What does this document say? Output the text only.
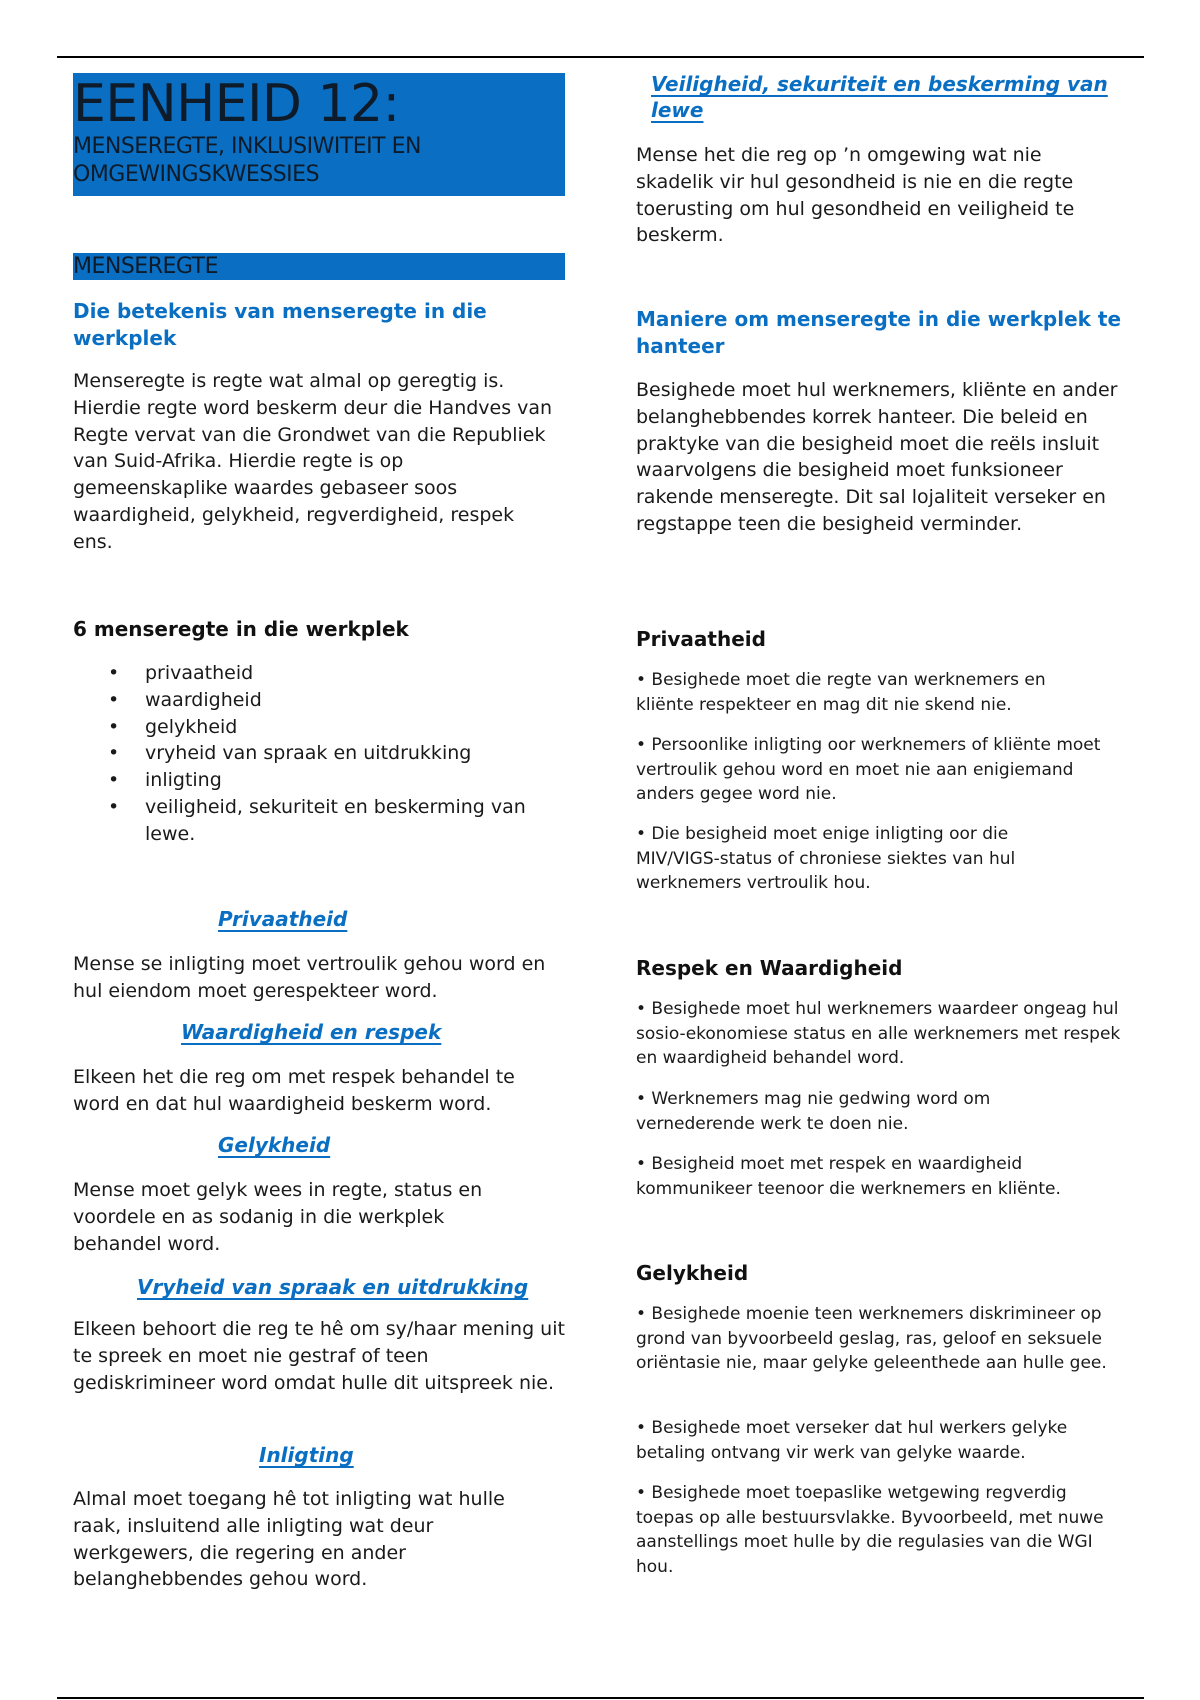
EENHEID 12:
MENSEREGTE, INKLUSIWITEIT EN OMGEWINGSKWESSIES
MENSEREGTE
Die betekenis van menseregte in die werkplek
Menseregte is regte wat almal op geregtig is. Hierdie regte word beskerm deur die Handves van Regte vervat van die Grondwet van die Republiek van Suid-Afrika. Hierdie regte is op gemeenskaplike waardes gebaseer soos waardigheid, gelykheid, regverdigheid, respek ens.
6 menseregte in die werkplek
• privaatheid
• waardigheid
• gelykheid
• vryheid van spraak en uitdrukking
• inligting
• veiligheid, sekuriteit en beskerming van lewe.
Privaatheid
Mense se inligting moet vertroulik gehou word en hul eiendom moet gerespekteer word.
Waardigheid en respek
Elkeen het die reg om met respek behandel te word en dat hul waardigheid beskerm word.
Gelykheid
Mense moet gelyk wees in regte, status en voordele en as sodanig in die werkplek behandel word.
Vryheid van spraak en uitdrukking
Elkeen behoort die reg te hê om sy/haar mening uit te spreek en moet nie gestraf of teen gediskrimineer word omdat hulle dit uitspreek nie.
Inligting
Almal moet toegang hê tot inligting wat hulle raak, insluitend alle inligting wat deur werkgewers, die regering en ander belanghebbendes gehou word.
Veiligheid, sekuriteit en beskerming van lewe
Mense het die reg op ’n omgewing wat nie skadelik vir hul gesondheid is nie en die regte toerusting om hul gesondheid en veiligheid te beskerm.
Maniere om menseregte in die werkplek te hanteer
Besighede moet hul werknemers, kliënte en ander belanghebbendes korrek hanteer. Die beleid en praktyke van die besigheid moet die reëls insluit waarvolgens die besigheid moet funksioneer rakende menseregte. Dit sal lojaliteit verseker en regstappe teen die besigheid verminder.
Privaatheid
• Besighede moet die regte van werknemers en kliënte respekteer en mag dit nie skend nie.
• Persoonlike inligting oor werknemers of kliënte moet vertroulik gehou word en moet nie aan enigiemand anders gegee word nie.
• Die besigheid moet enige inligting oor die MIV/VIGS-status of chroniese siektes van hul werknemers vertroulik hou.
Respek en Waardigheid
• Besighede moet hul werknemers waardeer ongeag hul sosio-ekonomiese status en alle werknemers met respek en waardigheid behandel word.
• Werknemers mag nie gedwing word om vernederende werk te doen nie.
• Besigheid moet met respek en waardigheid kommunikeer teenoor die werknemers en kliënte.
Gelykheid
• Besighede moenie teen werknemers diskrimineer op grond van byvoorbeeld geslag, ras, geloof en seksuele oriëntasie nie, maar gelyke geleenthede aan hulle gee.
• Besighede moet verseker dat hul werkers gelyke betaling ontvang vir werk van gelyke waarde.
• Besighede moet toepaslike wetgewing regverdig toepas op alle bestuursvlakke. Byvoorbeeld, met nuwe aanstellings moet hulle by die regulasies van die WGI hou.
